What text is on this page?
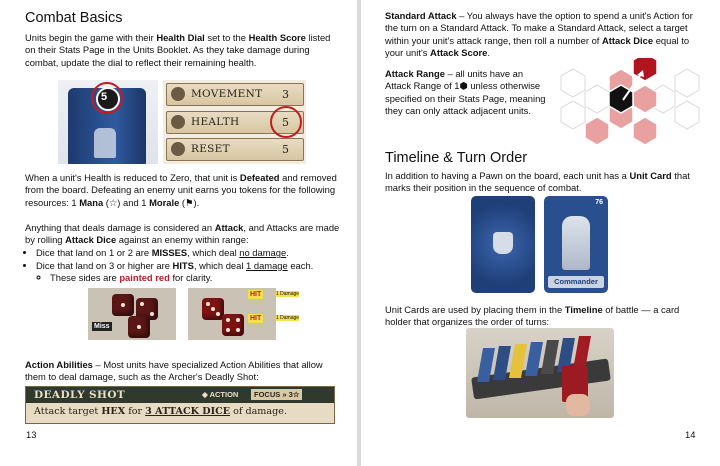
Combat Basics

Units begin the game with their Health Dial set to the Health Score listed on their Stats Page in the Units Booklet. As they take damage during combat, update the dial to reflect their remaining health.

5	MOVEMENT 3
HEALTH	5
RESET	5

When a unit's Health is reduced to Zero, that unit is Defeated and removed from the board. Defeating an enemy unit earns you tokens for the following resources: 1 Mana (☆) and 1 Morale (⚑).

Anything that deals damage is considered an Attack, and Attacks are made by rolling Attack Dice against an enemy within range:

• Dice that land on 1 or 2 are MISSES, which deal no damage.
• Dice that land on 3 or higher are HITS, which deal 1 damage each.
◦ These sides are painted red for clarity.
Miss
HIT
HIT
1 Damage
1 Damage

Action Abilities – Most units have specialized Action Abilities that allow them to deal damage, such as the Archer's Deadly Shot:

DEADLY SHOT	◆ ACTION	FOCUS » 3☆

Attack target HEX for 3 ATTACK DICE of damage.

13

Standard Attack – You always have the option to spend a unit's Action for the turn on a Standard Attack. To make a Standard Attack, select a target within your unit's attack range, then roll a number of Attack Dice equal to your unit's Attack Score.

Attack Range – all units have an Attack Range of 1⬢ unless otherwise specified on their Stats Page, meaning they can only attack adjacent units.

Timeline & Turn Order

In addition to having a Pawn on the board, each unit has a Unit Card that marks their position in the sequence of combat.

76
Commander

Unit Cards are used by placing them in the Timeline of battle — a card holder that organizes the order of turns:

14
